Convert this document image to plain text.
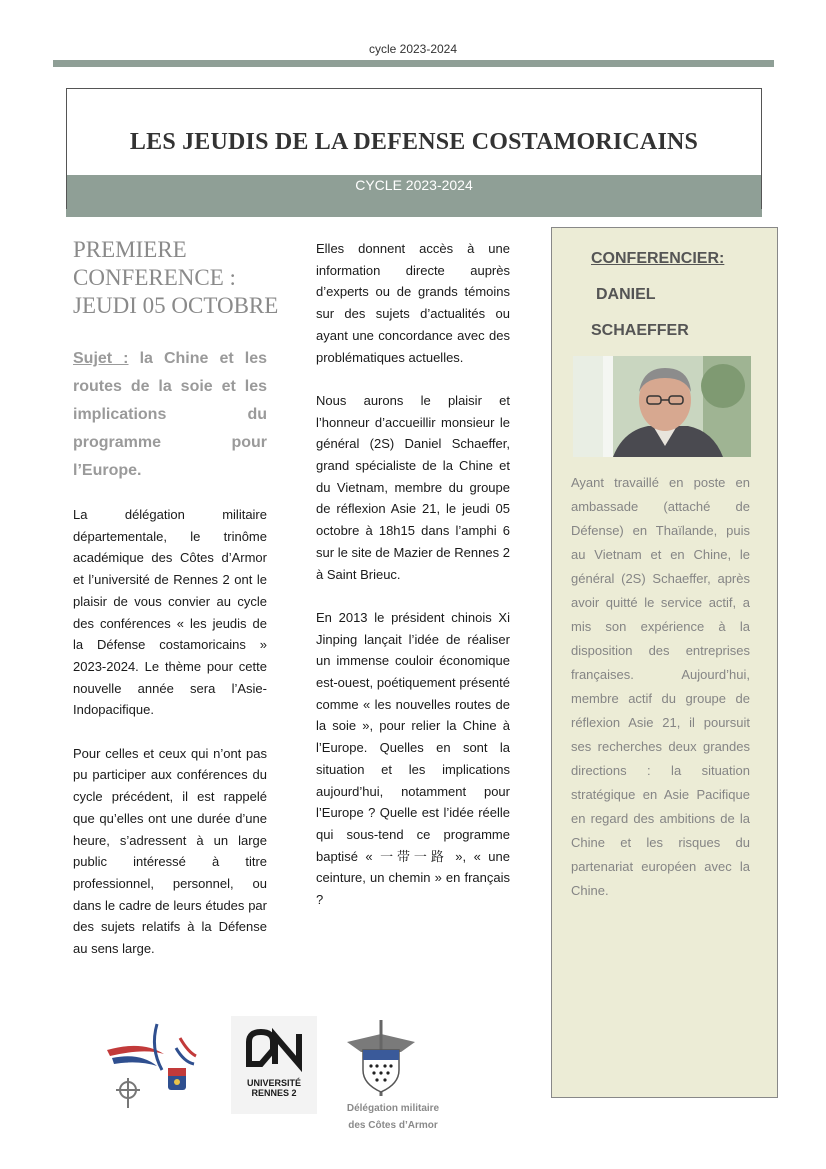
cycle 2023-2024
LES JEUDIS DE LA DEFENSE COSTAMORICAINS
CYCLE 2023-2024
PREMIERE CONFERENCE : JEUDI 05 OCTOBRE
Sujet : la Chine et les routes de la soie et les implications du programme pour l’Europe.

La délégation militaire départementale, le trinôme académique des Côtes d’Armor et l’université de Rennes 2 ont le plaisir de vous convier au cycle des conférences « les jeudis de la Défense costamoricains » 2023-2024. Le thème pour cette nouvelle année sera l’Asie-Indopacifique.

Pour celles et ceux qui n’ont pas pu participer aux conférences du cycle précédent, il est rappelé que qu’elles ont une durée d’une heure, s’adressent à un large public intéressé à titre professionnel, personnel, ou dans le cadre de leurs études par des sujets relatifs à la Défense au sens large.

Elles donnent accès à une information directe auprès d’experts ou de grands témoins sur des sujets d’actualités ou ayant une concordance avec des problématiques actuelles.

Nous aurons le plaisir et l’honneur d’accueillir monsieur le général (2S) Daniel Schaeffer, grand spécialiste de la Chine et du Vietnam, membre du groupe de réflexion Asie 21, le jeudi 05 octobre à 18h15 dans l’amphi 6 sur le site de Mazier de Rennes 2 à Saint Brieuc.

En 2013 le président chinois Xi Jinping lançait l’idée de réaliser un immense couloir économique est-ouest, poétiquement présenté comme « les nouvelles routes de la soie », pour relier la Chine à l’Europe. Quelles en sont la situation et les implications aujourd’hui, notamment pour l’Europe ? Quelle est l’idée réelle qui sous-tend ce programme baptisé « 一带一路 », « une ceinture, un chemin » en français ?

CONFERENCIER:
DANIEL
SCHAEFFER
Ayant travaillé en poste en ambassade (attaché de Défense) en Thaïlande, puis au Vietnam et en Chine, le général (2S) Schaeffer, après avoir quitté le service actif, a mis son expérience à la disposition des entreprises françaises. Aujourd’hui, membre actif du groupe de réflexion Asie 21, il poursuit ses recherches deux grandes directions : la situation stratégique en Asie Pacifique en regard des ambitions de la Chine et les risques du partenariat européen avec la Chine.
UNIVERSITÉ
RENNES 2
Délégation militaire
des Côtes d’Armor
